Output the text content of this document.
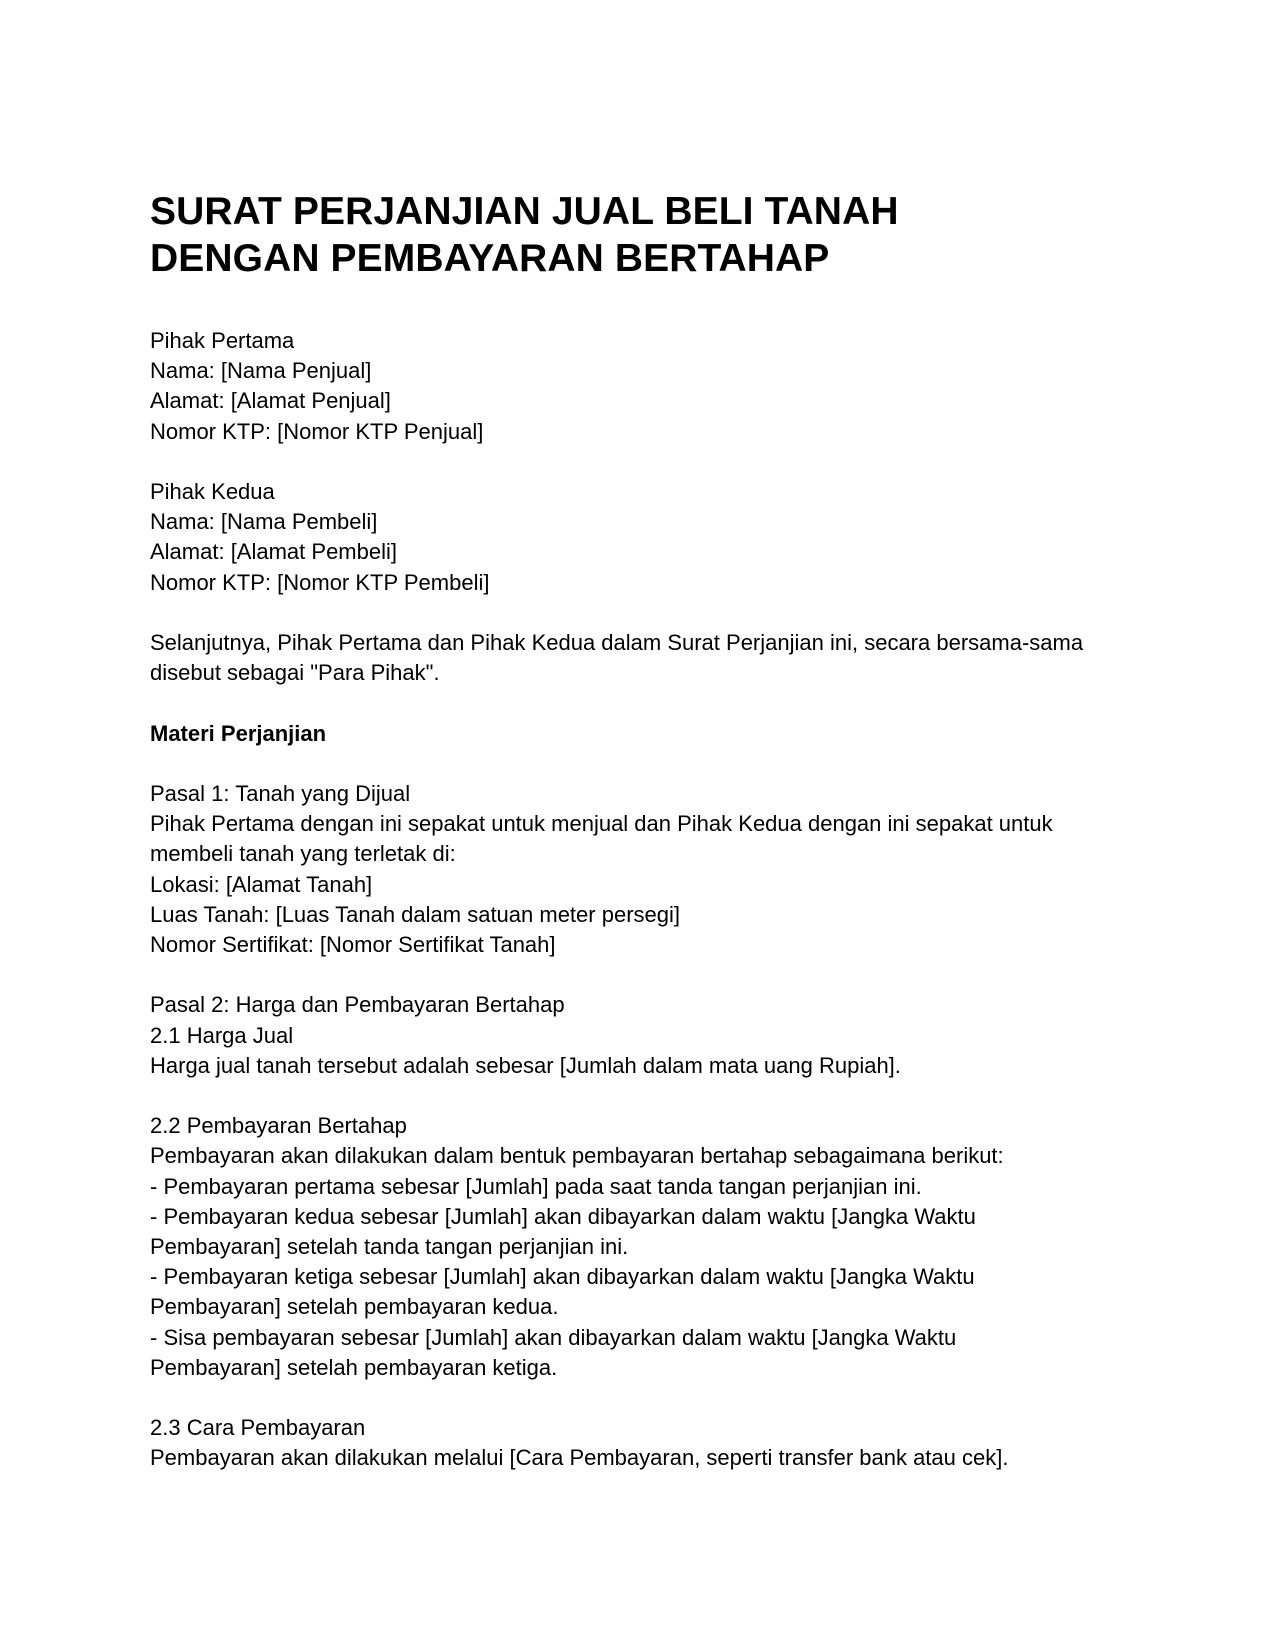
SURAT PERJANJIAN JUAL BELI TANAH
DENGAN PEMBAYARAN BERTAHAP
Pihak Pertama
Nama: [Nama Penjual]
Alamat: [Alamat Penjual]
Nomor KTP: [Nomor KTP Penjual]
Pihak Kedua
Nama: [Nama Pembeli]
Alamat: [Alamat Pembeli]
Nomor KTP: [Nomor KTP Pembeli]
Selanjutnya, Pihak Pertama dan Pihak Kedua dalam Surat Perjanjian ini, secara bersama-sama
disebut sebagai "Para Pihak".
Materi Perjanjian
Pasal 1: Tanah yang Dijual
Pihak Pertama dengan ini sepakat untuk menjual dan Pihak Kedua dengan ini sepakat untuk
membeli tanah yang terletak di:
Lokasi: [Alamat Tanah]
Luas Tanah: [Luas Tanah dalam satuan meter persegi]
Nomor Sertifikat: [Nomor Sertifikat Tanah]
Pasal 2: Harga dan Pembayaran Bertahap
2.1 Harga Jual
Harga jual tanah tersebut adalah sebesar [Jumlah dalam mata uang Rupiah].
2.2 Pembayaran Bertahap
Pembayaran akan dilakukan dalam bentuk pembayaran bertahap sebagaimana berikut:
- Pembayaran pertama sebesar [Jumlah] pada saat tanda tangan perjanjian ini.
- Pembayaran kedua sebesar [Jumlah] akan dibayarkan dalam waktu [Jangka Waktu
Pembayaran] setelah tanda tangan perjanjian ini.
- Pembayaran ketiga sebesar [Jumlah] akan dibayarkan dalam waktu [Jangka Waktu
Pembayaran] setelah pembayaran kedua.
- Sisa pembayaran sebesar [Jumlah] akan dibayarkan dalam waktu [Jangka Waktu
Pembayaran] setelah pembayaran ketiga.
2.3 Cara Pembayaran
Pembayaran akan dilakukan melalui [Cara Pembayaran, seperti transfer bank atau cek].
